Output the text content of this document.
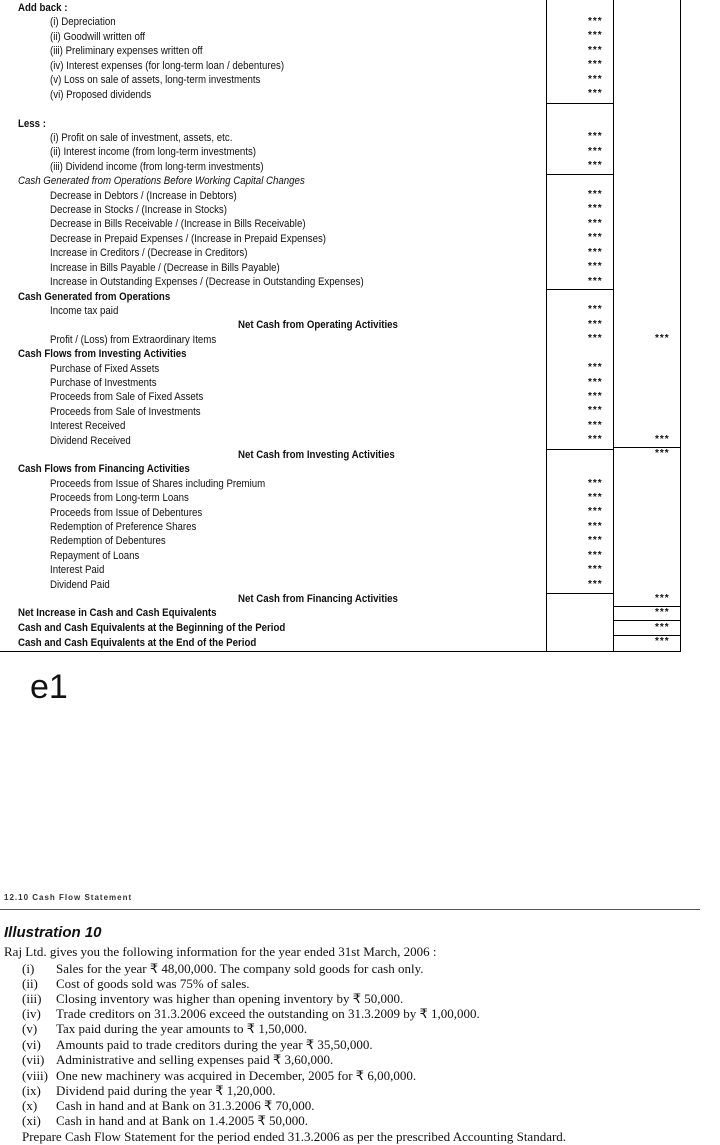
Add back :
(i) Depreciation
(ii) Goodwill written off
(iii) Preliminary expenses written off
(iv) Interest expenses (for long-term loan / debentures)
(v) Loss on sale of assets, long-term investments
(vi) Proposed dividends
Less :
(i) Profit on sale of investment, assets, etc.
(ii) Interest income (from long-term investments)
(iii) Dividend income (from long-term investments)
Cash Generated from Operations Before Working Capital Changes
Decrease in Debtors / (Increase in Debtors)
Decrease in Stocks / (Increase in Stocks)
Decrease in Bills Receivable / (Increase in Bills Receivable)
Decrease in Prepaid Expenses / (Increase in Prepaid Expenses)
Increase in Creditors / (Decrease in Creditors)
Increase in Bills Payable / (Decrease in Bills Payable)
Increase in Outstanding Expenses / (Decrease in Outstanding Expenses)
Cash Generated from Operations
Income tax paid
Net Cash from Operating Activities
Profit / (Loss) from Extraordinary Items
Cash Flows from Investing Activities
Purchase of Fixed Assets
Purchase of Investments
Proceeds from Sale of Fixed Assets
Proceeds from Sale of Investments
Interest Received
Dividend Received
Net Cash from Investing Activities
Cash Flows from Financing Activities
Proceeds from Issue of Shares including Premium
Proceeds from Long-term Loans
Proceeds from Issue of Debentures
Redemption of Preference Shares
Redemption of Debentures
Repayment of Loans
Interest Paid
Dividend Paid
Net Cash from Financing Activities
Net Increase in Cash and Cash Equivalents
Cash and Cash Equivalents at the Beginning of the Period
Cash and Cash Equivalents at the End of the Period
***
***
***
***
***
***
***
***
***
***
***
***
***
***
***
***
***
***
***
***
***
***
***
***
***
***
***
***
***
***
***
***
***
***
***
***
***
***
***
***
e1
12.10 Cash Flow Statement
Illustration 10
Raj Ltd. gives you the following information for the year ended 31st March, 2006 :
(i) Sales for the year ₹ 48,00,000. The company sold goods for cash only.
(ii) Cost of goods sold was 75% of sales.
(iii) Closing inventory was higher than opening inventory by ₹ 50,000.
(iv) Trade creditors on 31.3.2006 exceed the outstanding on 31.3.2009 by ₹ 1,00,000.
(v) Tax paid during the year amounts to ₹ 1,50,000.
(vi) Amounts paid to trade creditors during the year ₹ 35,50,000.
(vii) Administrative and selling expenses paid ₹ 3,60,000.
(viii) One new machinery was acquired in December, 2005 for ₹ 6,00,000.
(ix) Dividend paid during the year ₹ 1,20,000.
(x) Cash in hand and at Bank on 31.3.2006 ₹ 70,000.
(xi) Cash in hand and at Bank on 1.4.2005 ₹ 50,000.
Prepare Cash Flow Statement for the period ended 31.3.2006 as per the prescribed Accounting Standard.
